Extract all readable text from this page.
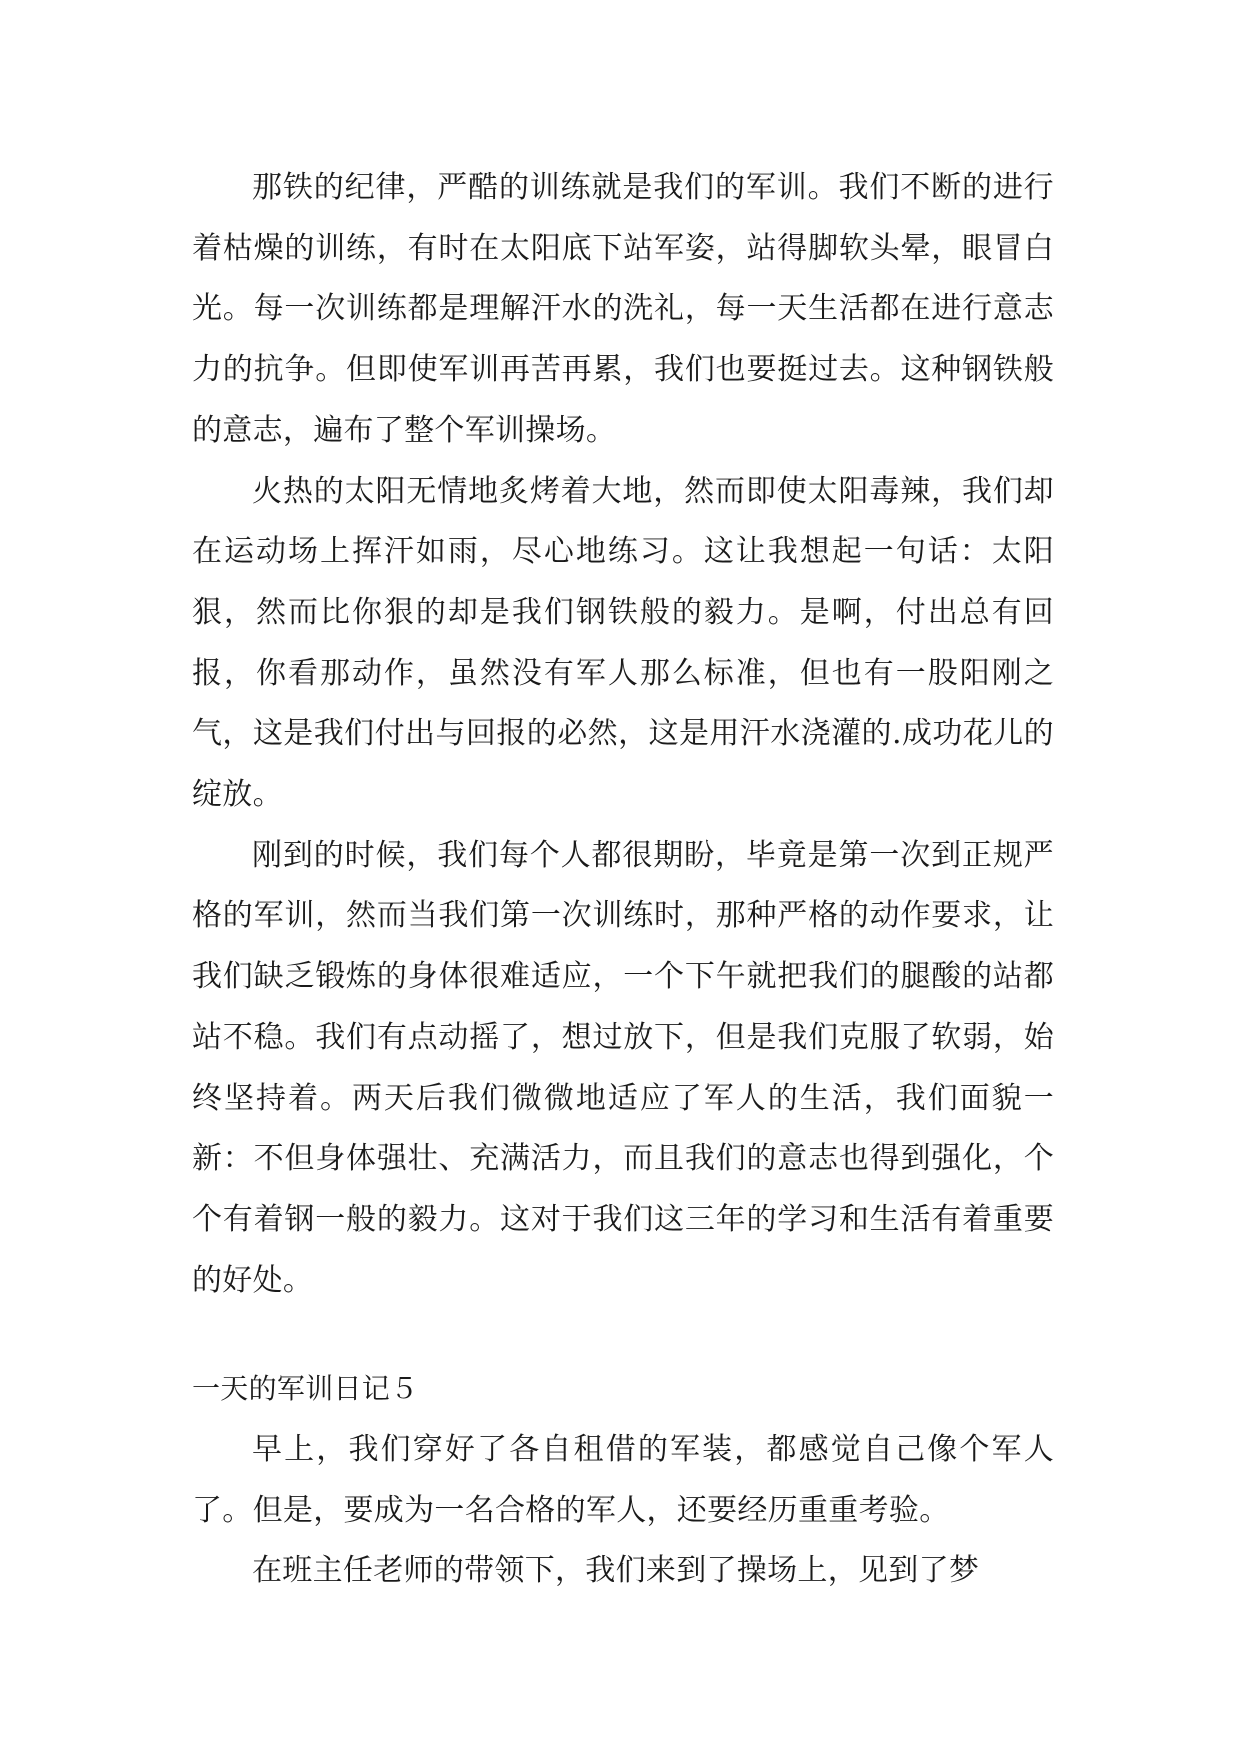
那铁的纪律，严酷的训练就是我们的军训。我们不断的进行着枯燥的训练，有时在太阳底下站军姿，站得脚软头晕，眼冒白光。每一次训练都是理解汗水的洗礼，每一天生活都在进行意志力的抗争。但即使军训再苦再累，我们也要挺过去。这种钢铁般的意志，遍布了整个军训操场。

火热的太阳无情地炙烤着大地，然而即使太阳毒辣，我们却在运动场上挥汗如雨，尽心地练习。这让我想起一句话：太阳狠，然而比你狠的却是我们钢铁般的毅力。是啊，付出总有回报，你看那动作，虽然没有军人那么标准，但也有一股阳刚之气，这是我们付出与回报的必然，这是用汗水浇灌的.成功花儿的绽放。

刚到的时候，我们每个人都很期盼，毕竟是第一次到正规严格的军训，然而当我们第一次训练时，那种严格的动作要求，让我们缺乏锻炼的身体很难适应，一个下午就把我们的腿酸的站都站不稳。我们有点动摇了，想过放下，但是我们克服了软弱，始终坚持着。两天后我们微微地适应了军人的生活，我们面貌一新：不但身体强壮、充满活力，而且我们的意志也得到强化，个个有着钢一般的毅力。这对于我们这三年的学习和生活有着重要的好处。

一天的军训日记５

早上，我们穿好了各自租借的军装，都感觉自己像个军人了。但是，要成为一名合格的军人，还要经历重重考验。

在班主任老师的带领下，我们来到了操场上，见到了梦
